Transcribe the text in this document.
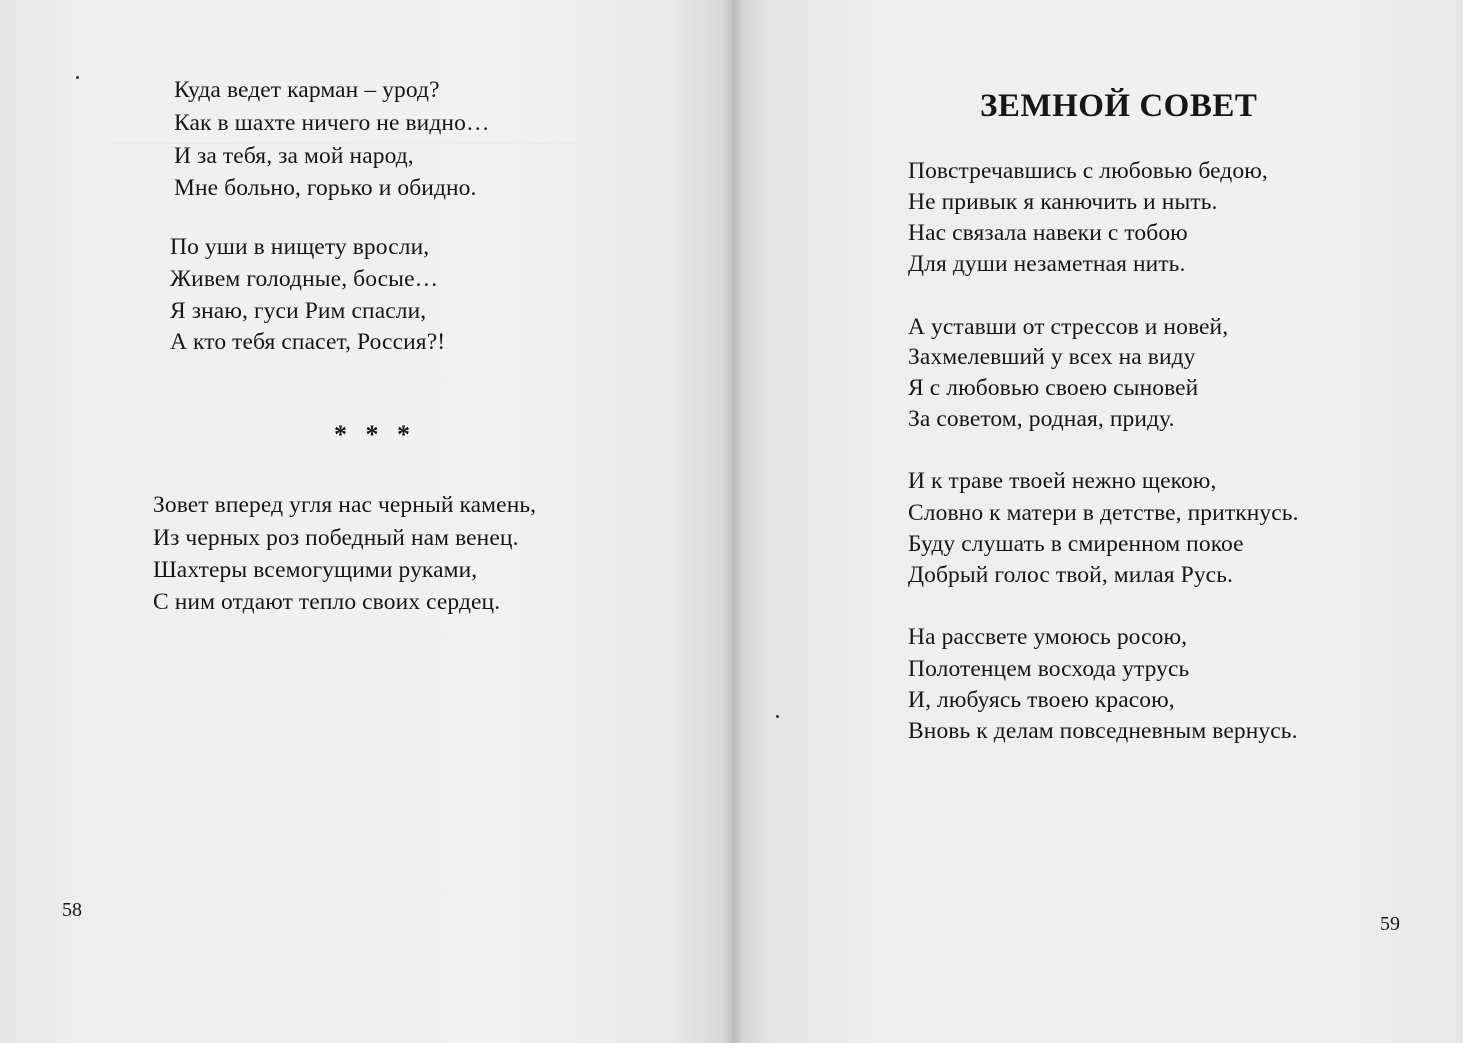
Куда ведет карман – урод?
Как в шахте ничего не видно…
И за тебя, за мой народ,
Мне больно, горько и обидно.
По уши в нищету вросли,
Живем голодные, босые…
Я знаю, гуси Рим спасли,
А кто тебя спасет, Россия?!
* * *
Зовет вперед угля нас черный камень,
Из черных роз победный нам венец.
Шахтеры всемогущими руками,
С ним отдают тепло своих сердец.
58
ЗЕМНОЙ СОВЕТ
Повстречавшись с любовью бедою,
Не привык я канючить и ныть.
Нас связала навеки с тобою
Для души незаметная нить.
А уставши от стрессов и новей,
Захмелевший у всех на виду
Я с любовью своею сыновей
За советом, родная, приду.
И к траве твоей нежно щекою,
Словно к матери в детстве, приткнусь.
Буду слушать в смиренном покое
Добрый голос твой, милая Русь.
На рассвете умоюсь росою,
Полотенцем восхода утрусь
И, любуясь твоею красою,
Вновь к делам повседневным вернусь.
59
